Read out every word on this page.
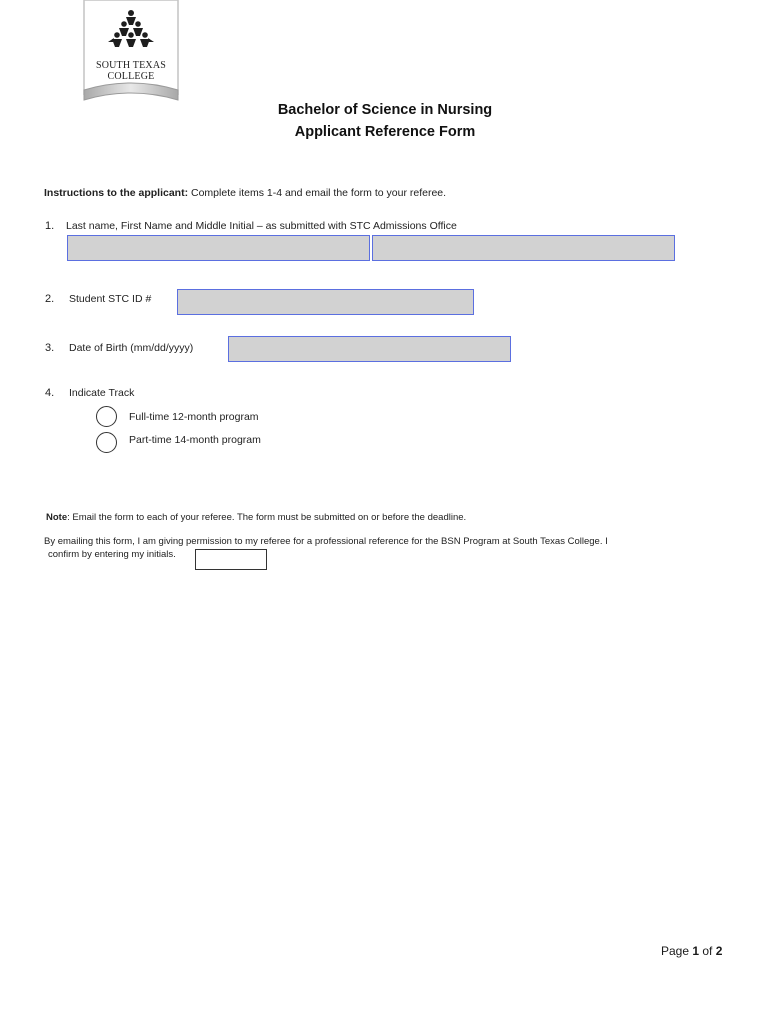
SOUTH TEXAS
COLLEGE
Bachelor of Science in Nursing
Applicant Reference Form
Instructions to the applicant: Complete items 1-4 and email the form to your referee.
1. Last name, First Name and Middle Initial – as submitted with STC Admissions Office
2. Student STC ID #
3. Date of Birth (mm/dd/yyyy)
4. Indicate Track
Full-time 12-month program
Part-time 14-month program
Note: Email the form to each of your referee. The form must be submitted on or before the deadline.
By emailing this form, I am giving permission to my referee for a professional reference for the BSN Program at South Texas College. I
confirm by entering my initials.
Page 1 of 2
